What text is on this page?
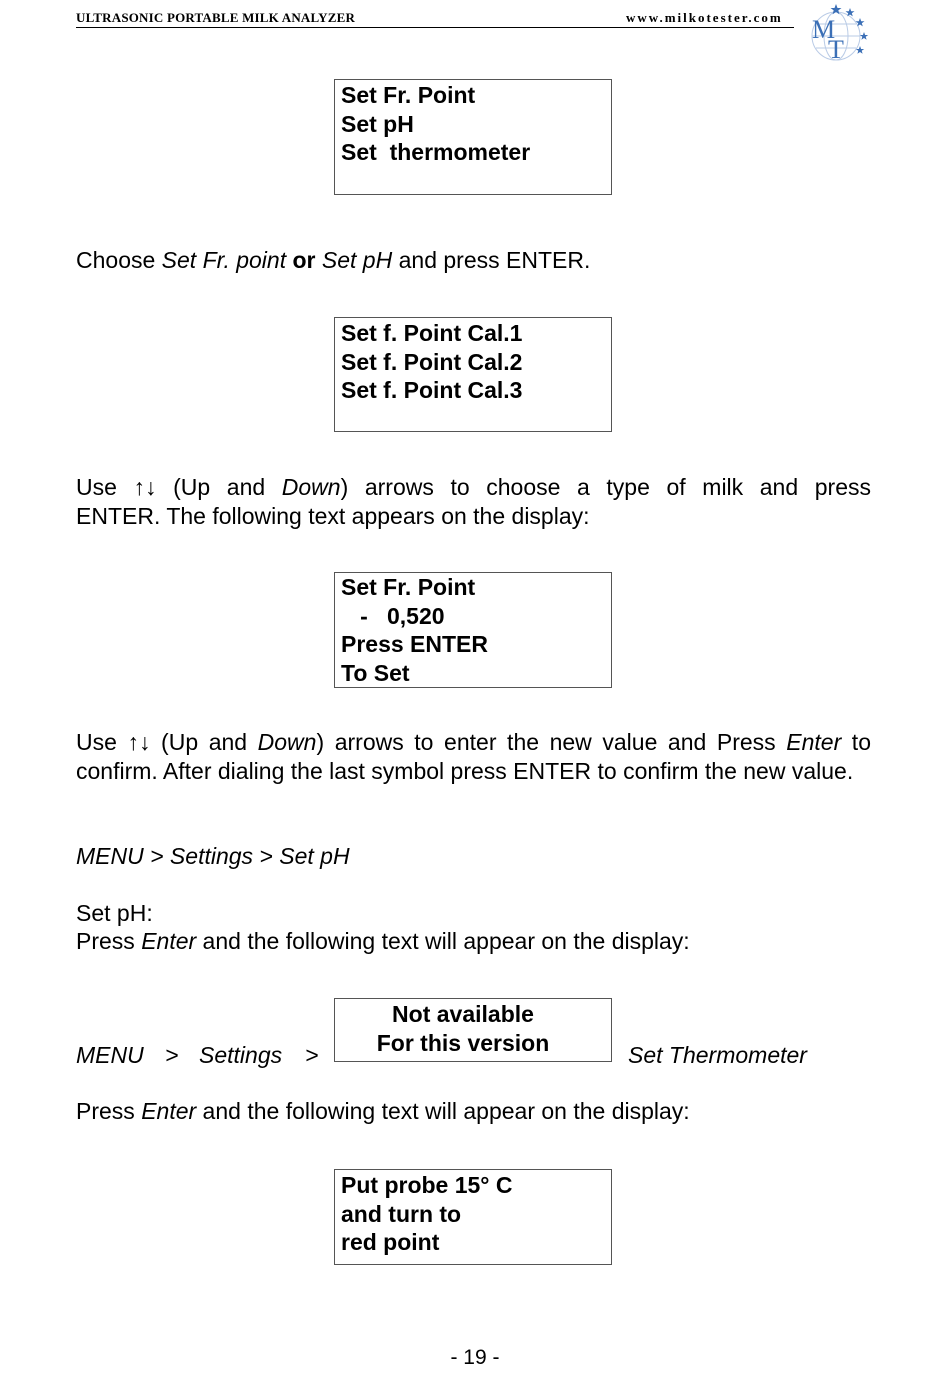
ULTRASONIC PORTABLE MILK ANALYZER	www.milkotester.com M
T
Set Fr. Point
Set pH
Set  thermometer
Choose Set Fr. point or Set pH and press ENTER.
Set f. Point Cal.1
Set f. Point Cal.2
Set f. Point Cal.3
Use ↑↓ (Up and Down) arrows to choose a type of milk and press
ENTER. The following text appears on the display:
Set Fr. Point
-   0,520
Press ENTER
To Set
Use ↑↓ (Up and Down) arrows to enter the new value and Press Enter to confirm. After dialing the last symbol press ENTER to confirm the new value.
MENU > Settings > Set pH
Set pH:
Press Enter and the following text will appear on the display:
Not available
For this version
MENU > Settings >	Set Thermometer
Press Enter and the following text will appear on the display:
Put probe 15° C
and turn to
red point
- 19 -
